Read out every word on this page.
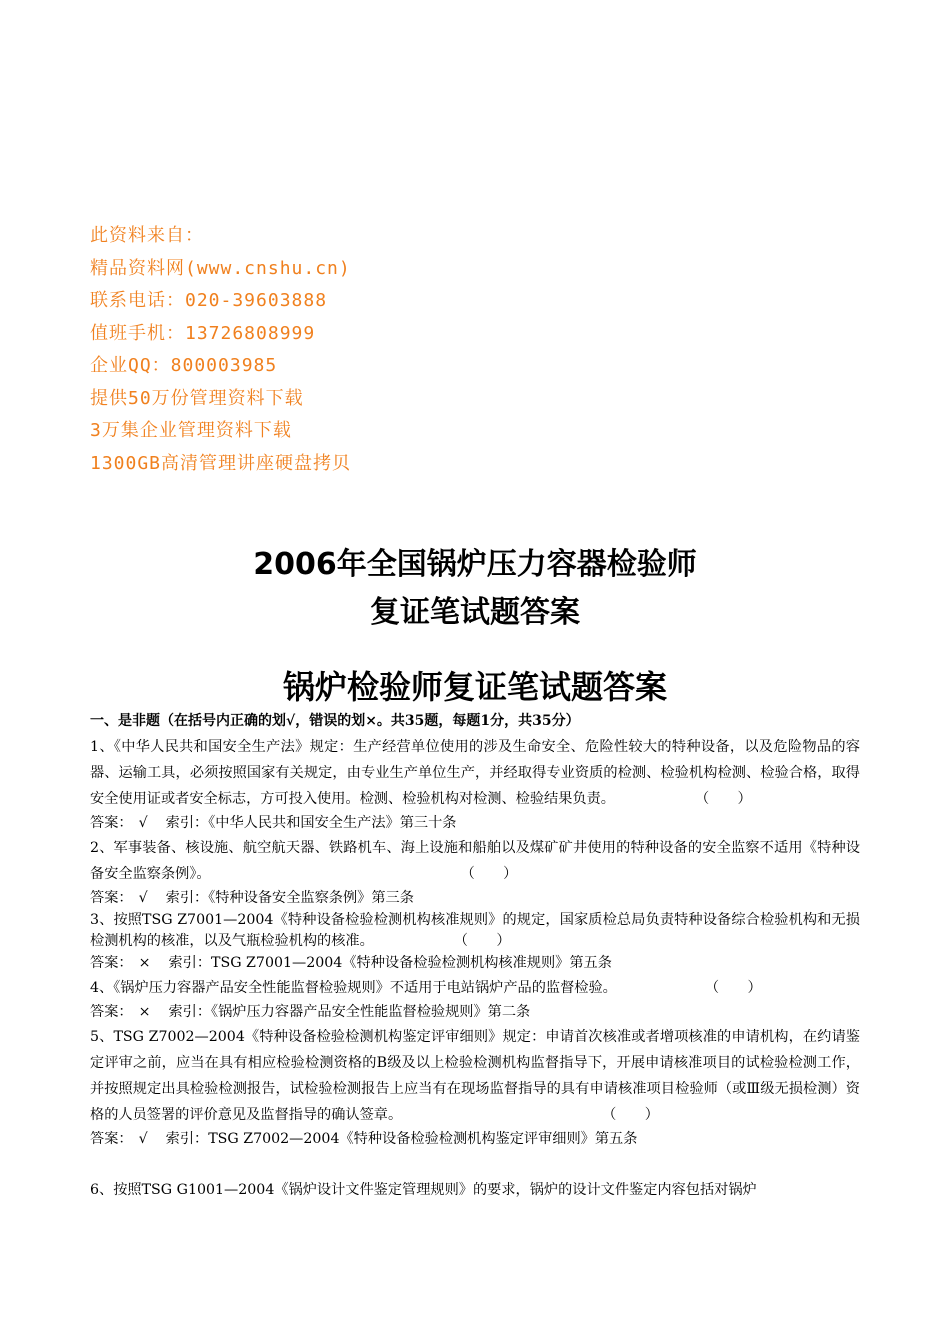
此资料来自：
精品资料网(www.cnshu.cn)
联系电话：020-39603888
值班手机：13726808999
企业QQ：800003985
提供50万份管理资料下载
3万集企业管理资料下载
1300GB高清管理讲座硬盘拷贝
2006年全国锅炉压力容器检验师
复证笔试题答案
锅炉检验师复证笔试题答案
一、是非题（在括号内正确的划√，错误的划×。共35题，每题1分，共35分）
1、《中华人民共和国安全生产法》规定：生产经营单位使用的涉及生命安全、危险性较大的特种设备，以及危险物品的容器、运输工具，必须按照国家有关规定，由专业生产单位生产，并经取得专业资质的检测、检验机构检测、检验合格，取得安全使用证或者安全标志，方可投入使用。检测、检验机构对检测、检验结果负责。	（　　）
答案： √ 索引：《中华人民共和国安全生产法》第三十条
2、军事装备、核设施、航空航天器、铁路机车、海上设施和船舶以及煤矿矿井使用的特种设备的安全监察不适用《特种设备安全监察条例》。	（　　）
答案： √ 索引：《特种设备安全监察条例》第三条
3、按照TSG Z7001—2004《特种设备检验检测机构核准规则》的规定，国家质检总局负责特种设备综合检验机构和无损检测机构的核准，以及气瓶检验机构的核准。	（　　）
答案： × 索引：TSG Z7001—2004《特种设备检验检测机构核准规则》第五条
4、《锅炉压力容器产品安全性能监督检验规则》不适用于电站锅炉产品的监督检验。	（　　）
答案： × 索引：《锅炉压力容器产品安全性能监督检验规则》第二条
5、TSG Z7002—2004《特种设备检验检测机构鉴定评审细则》规定：申请首次核准或者增项核准的申请机构，在约请鉴定评审之前，应当在具有相应检验检测资格的B级及以上检验检测机构监督指导下，开展申请核准项目的试检验检测工作，并按照规定出具检验检测报告，试检验检测报告上应当有在现场监督指导的具有申请核准项目检验师（或Ⅲ级无损检测）资格的人员签署的评价意见及监督指导的确认签章。	（　　）
答案： √ 索引：TSG Z7002—2004《特种设备检验检测机构鉴定评审细则》第五条
6、按照TSG G1001—2004《锅炉设计文件鉴定管理规则》的要求，锅炉的设计文件鉴定内容包括对锅炉
